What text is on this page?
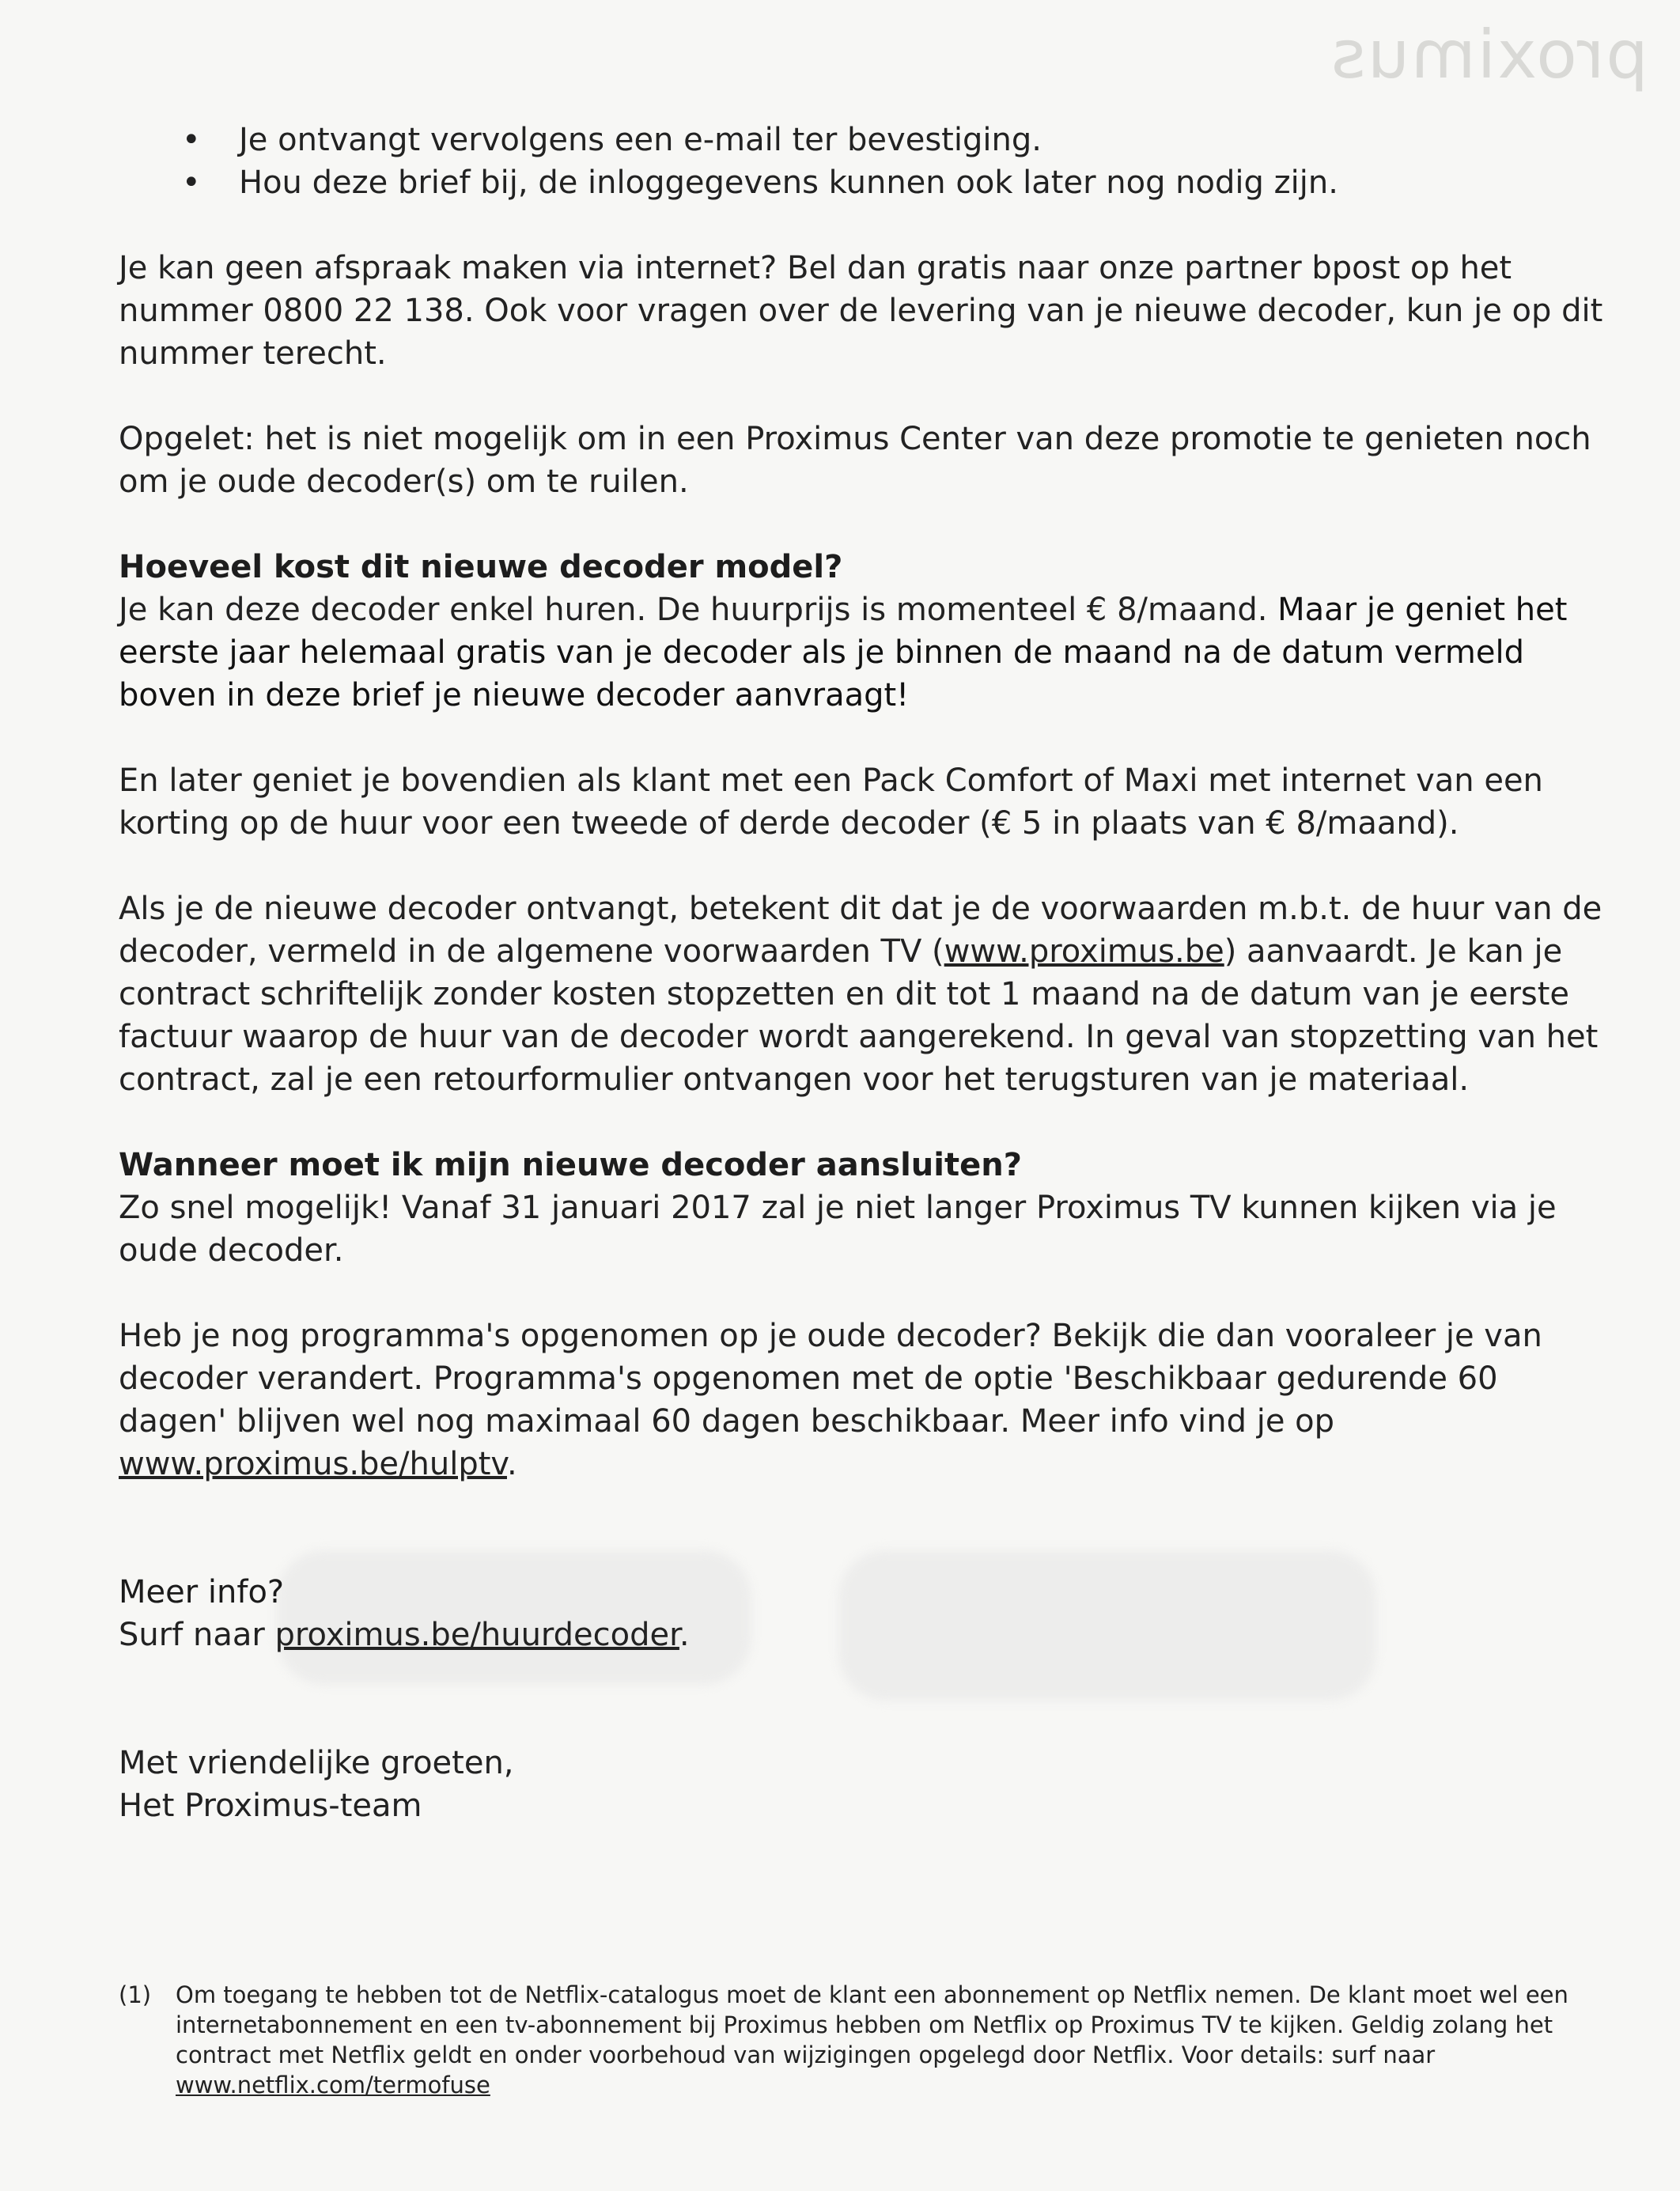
proximus
• Je ontvangt vervolgens een e-mail ter bevestiging.
• Hou deze brief bij, de inloggegevens kunnen ook later nog nodig zijn.

Je kan geen afspraak maken via internet? Bel dan gratis naar onze partner bpost op het nummer 0800 22 138. Ook voor vragen over de levering van je nieuwe decoder, kun je op dit nummer terecht.

Opgelet: het is niet mogelijk om in een Proximus Center van deze promotie te genieten noch om je oude decoder(s) om te ruilen.

Hoeveel kost dit nieuwe decoder model?
Je kan deze decoder enkel huren. De huurprijs is momenteel € 8/maand. Maar je geniet het eerste jaar helemaal gratis van je decoder als je binnen de maand na de datum vermeld boven in deze brief je nieuwe decoder aanvraagt!

En later geniet je bovendien als klant met een Pack Comfort of Maxi met internet van een korting op de huur voor een tweede of derde decoder (€ 5 in plaats van € 8/maand).

Als je de nieuwe decoder ontvangt, betekent dit dat je de voorwaarden m.b.t. de huur van de decoder, vermeld in de algemene voorwaarden TV (www.proximus.be) aanvaardt. Je kan je contract schriftelijk zonder kosten stopzetten en dit tot 1 maand na de datum van je eerste factuur waarop de huur van de decoder wordt aangerekend. In geval van stopzetting van het contract, zal je een retourformulier ontvangen voor het terugsturen van je materiaal.

Wanneer moet ik mijn nieuwe decoder aansluiten?
Zo snel mogelijk! Vanaf 31 januari 2017 zal je niet langer Proximus TV kunnen kijken via je oude decoder.

Heb je nog programma's opgenomen op je oude decoder? Bekijk die dan vooraleer je van decoder verandert. Programma's opgenomen met de optie 'Beschikbaar gedurende 60 dagen' blijven wel nog maximaal 60 dagen beschikbaar. Meer info vind je op www.proximus.be/hulptv.

Meer info?
Surf naar proximus.be/huurdecoder.

Met vriendelijke groeten,
Het Proximus-team

(1)	Om toegang te hebben tot de Netflix-catalogus moet de klant een abonnement op Netflix nemen. De klant moet wel een internetabonnement en een tv-abonnement bij Proximus hebben om Netflix op Proximus TV te kijken. Geldig zolang het contract met Netflix geldt en onder voorbehoud van wijzigingen opgelegd door Netflix. Voor details: surf naar www.netflix.com/termofuse
